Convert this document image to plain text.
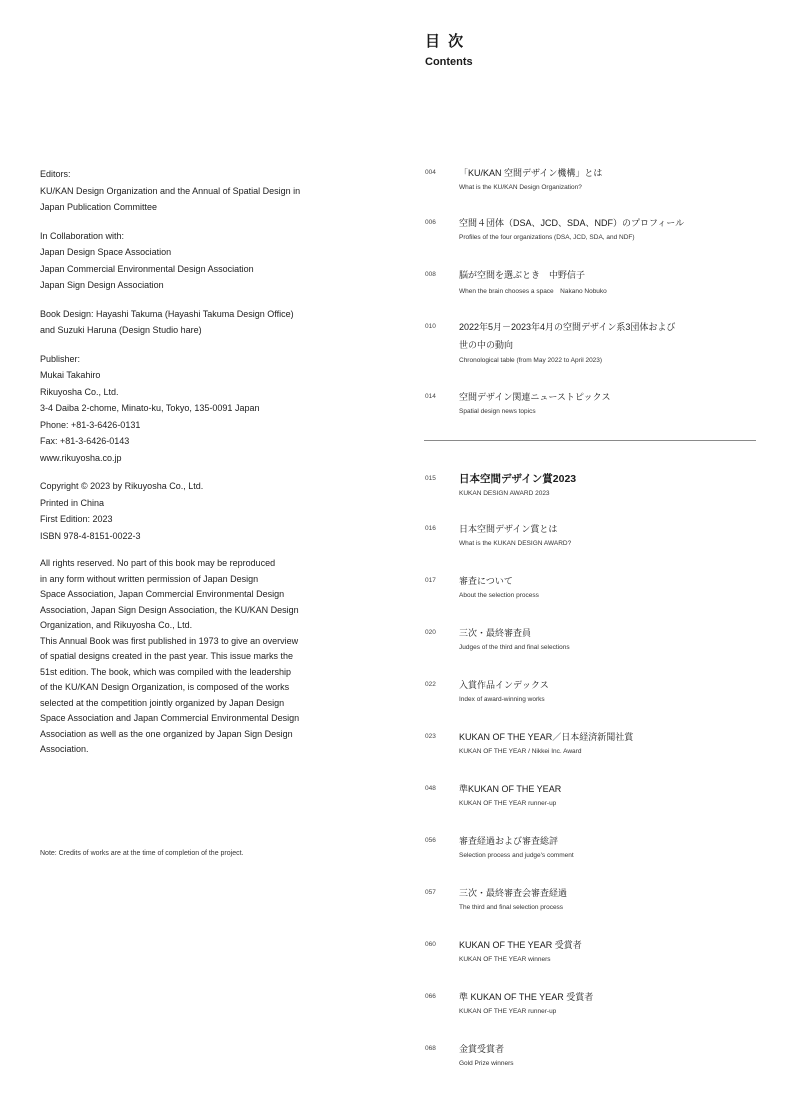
目 次
Contents

Editors:
KU/KAN Design Organization and the Annual of Spatial Design in
Japan Publication Committee

In Collaboration with:
Japan Design Space Association
Japan Commercial Environmental Design Association
Japan Sign Design Association

Book Design: Hayashi Takuma (Hayashi Takuma Design Office)
and Suzuki Haruna (Design Studio hare)

Publisher:
Mukai Takahiro
Rikuyosha Co., Ltd.
3-4 Daiba 2-chome, Minato-ku, Tokyo, 135-0091 Japan
Phone: +81-3-6426-0131
Fax: +81-3-6426-0143
www.rikuyosha.co.jp

Copyright © 2023 by Rikuyosha Co., Ltd.
Printed in China
First Edition: 2023
ISBN 978-4-8151-0022-3

All rights reserved. No part of this book may be reproduced
in any form without written permission of Japan Design
Space Association, Japan Commercial Environmental Design
Association, Japan Sign Design Association, the KU/KAN Design
Organization, and Rikuyosha Co., Ltd.
This Annual Book was first published in 1973 to give an overview
of spatial designs created in the past year. This issue marks the
51st edition. The book, which was compiled with the leadership
of the KU/KAN Design Organization, is composed of the works
selected at the competition jointly organized by Japan Design
Space Association and Japan Commercial Environmental Design
Association as well as the one organized by Japan Sign Design
Association.

Note: Credits of works are at the time of completion of the project.
004	「KU/KAN 空間デザイン機構」とは
What is the KU/KAN Design Organization?
006	空間４団体（DSA、JCD、SDA、NDF）のプロフィール
Profiles of the four organizations (DSA, JCD, SDA, and NDF)
008	脳が空間を選ぶとき　中野信子
When the brain chooses a space　Nakano Nobuko
010	2022年5月－2023年4月の空間デザイン系3団体および
世の中の動向
Chronological table (from May 2022 to April 2023)
014	空間デザイン関連ニューストピックス
Spatial design news topics
015 日本空間デザイン賞2023
KUKAN DESIGN AWARD 2023
016	日本空間デザイン賞とは
What is the KUKAN DESIGN AWARD?
017	審査について
About the selection process
020	三次・最終審査員
Judges of the third and final selections
022	入賞作品インデックス
Index of award-winning works
023	KUKAN OF THE YEAR／日本経済新聞社賞
KUKAN OF THE YEAR / Nikkei Inc. Award
048	準KUKAN OF THE YEAR
KUKAN OF THE YEAR runner-up
056	審査経過および審査総評
Selection process and judge's comment
057	三次・最終審査会審査経過
The third and final selection process
060	KUKAN OF THE YEAR 受賞者
KUKAN OF THE YEAR winners
066	準 KUKAN OF THE YEAR 受賞者
KUKAN OF THE YEAR runner-up
068	金賞受賞者
Gold Prize winners
